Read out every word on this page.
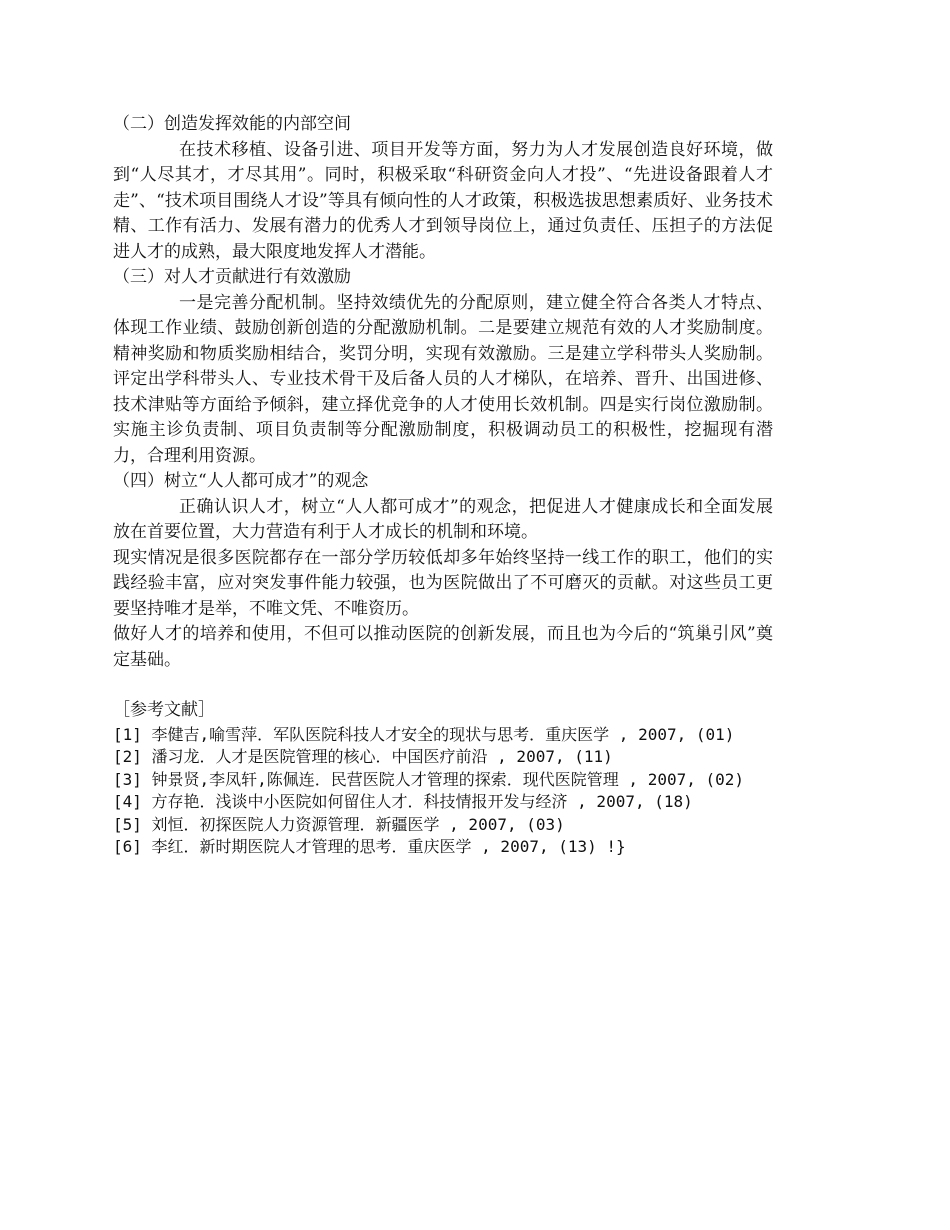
（二）创造发挥效能的内部空间

在技术移植、设备引进、项目开发等方面，努力为人才发展创造良好环境，做到“人尽其才，才尽其用”。同时，积极采取“科研资金向人才投”、“先进设备跟着人才走”、“技术项目围绕人才设”等具有倾向性的人才政策，积极选拔思想素质好、业务技术精、工作有活力、发展有潜力的优秀人才到领导岗位上，通过负责任、压担子的方法促进人才的成熟，最大限度地发挥人才潜能。

（三）对人才贡献进行有效激励

一是完善分配机制。坚持效绩优先的分配原则，建立健全符合各类人才特点、体现工作业绩、鼓励创新创造的分配激励机制。二是要建立规范有效的人才奖励制度。精神奖励和物质奖励相结合，奖罚分明，实现有效激励。三是建立学科带头人奖励制。评定出学科带头人、专业技术骨干及后备人员的人才梯队，在培养、晋升、出国进修、技术津贴等方面给予倾斜，建立择优竞争的人才使用长效机制。四是实行岗位激励制。实施主诊负责制、项目负责制等分配激励制度，积极调动员工的积极性，挖掘现有潜力，合理利用资源。

（四）树立“人人都可成才”的观念

正确认识人才，树立“人人都可成才”的观念，把促进人才健康成长和全面发展放在首要位置，大力营造有利于人才成长的机制和环境。

现实情况是很多医院都存在一部分学历较低却多年始终坚持一线工作的职工，他们的实践经验丰富，应对突发事件能力较强，也为医院做出了不可磨灭的贡献。对这些员工更要坚持唯才是举，不唯文凭、不唯资历。

做好人才的培养和使用，不但可以推动医院的创新发展，而且也为今后的“筑巢引风”奠定基础。

［参考文献］

[1] 李健吉,喻雪萍．军队医院科技人才安全的现状与思考．重庆医学 , 2007, (01)
[2] 潘习龙．人才是医院管理的核心．中国医疗前沿 , 2007, (11)
[3] 钟景贤,李凤轩,陈佩连．民营医院人才管理的探索．现代医院管理 , 2007, (02)
[4] 方存艳．浅谈中小医院如何留住人才．科技情报开发与经济 , 2007, (18)
[5] 刘恒．初探医院人力资源管理．新疆医学 , 2007, (03)
[6] 李红．新时期医院人才管理的思考．重庆医学 , 2007, (13) !}
